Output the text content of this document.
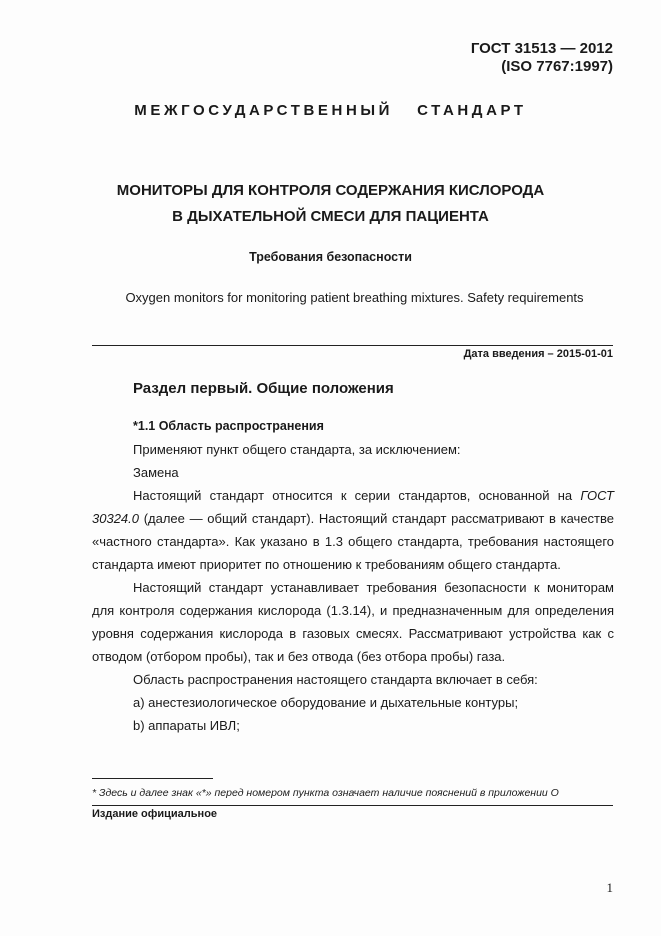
ГОСТ 31513 — 2012
(ISO 7767:1997)
МЕЖГОСУДАРСТВЕННЫЙ СТАНДАРТ
МОНИТОРЫ ДЛЯ КОНТРОЛЯ СОДЕРЖАНИЯ КИСЛОРОДА
В ДЫХАТЕЛЬНОЙ СМЕСИ ДЛЯ ПАЦИЕНТА
Требования безопасности
Oxygen monitors for monitoring patient breathing mixtures. Safety requirements
Дата введения – 2015-01-01
Раздел первый. Общие положения
*1.1 Область распространения

Применяют пункт общего стандарта, за исключением:

Замена

Настоящий стандарт относится к серии стандартов, основанной на ГОСТ 30324.0 (далее — общий стандарт). Настоящий стандарт рассматривают в качестве «частного стандарта». Как указано в 1.3 общего стандарта, требования настоящего стандарта имеют приоритет по отношению к требованиям общего стандарта.

Настоящий стандарт устанавливает требования безопасности к мониторам для контроля содержания кислорода (1.3.14), и предназначенным для определения уровня содержания кислорода в газовых смесях. Рассматривают устройства как с отводом (отбором пробы), так и без отвода (без отбора пробы) газа.

Область распространения настоящего стандарта включает в себя:

а) анестезиологическое оборудование и дыхательные контуры;

b) аппараты ИВЛ;

* Здесь и далее знак «*» перед номером пункта означает наличие пояснений в приложении О
Издание официальное
1
